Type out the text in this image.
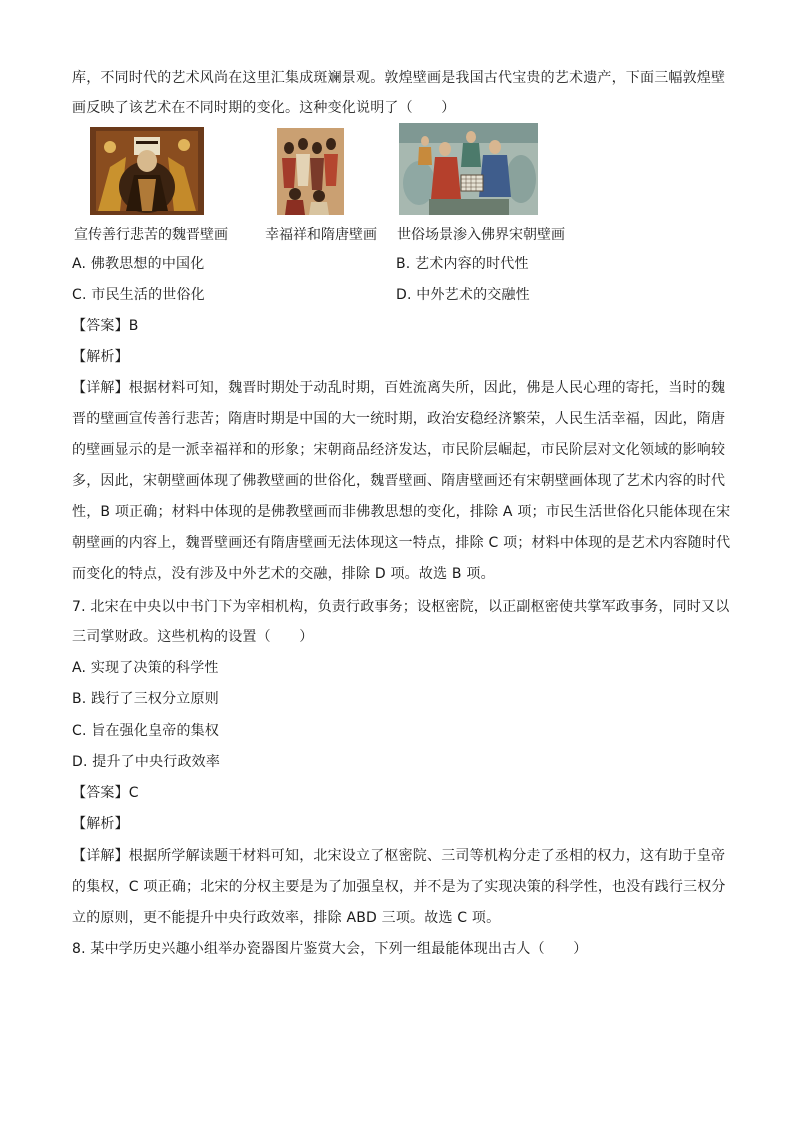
库，不同时代的艺术风尚在这里汇集成斑斓景观。敦煌壁画是我国古代宝贵的艺术遗产，下面三幅敦煌壁
画反映了该艺术在不同时期的变化。这种变化说明了（　　）
宣传善行悲苦的魏晋壁画	幸福祥和隋唐壁画 世俗场景渗入佛界宋朝壁画
A. 佛教思想的中国化	B. 艺术内容的时代性
C. 市民生活的世俗化	D. 中外艺术的交融性
【答案】B
【解析】
【详解】根据材料可知，魏晋时期处于动乱时期，百姓流离失所，因此，佛是人民心理的寄托，当时的魏
晋的壁画宣传善行悲苦；隋唐时期是中国的大一统时期，政治安稳经济繁荣，人民生活幸福，因此，隋唐
的壁画显示的是一派幸福祥和的形象；宋朝商品经济发达，市民阶层崛起，市民阶层对文化领域的影响较
多，因此，宋朝壁画体现了佛教壁画的世俗化，魏晋壁画、隋唐壁画还有宋朝壁画体现了艺术内容的时代
性，B 项正确；材料中体现的是佛教壁画而非佛教思想的变化，排除 A 项；市民生活世俗化只能体现在宋
朝壁画的内容上，魏晋壁画还有隋唐壁画无法体现这一特点，排除 C 项；材料中体现的是艺术内容随时代
而变化的特点，没有涉及中外艺术的交融，排除 D 项。故选 B 项。
7. 北宋在中央以中书门下为宰相机构，负责行政事务；设枢密院，以正副枢密使共掌军政事务，同时又以
三司掌财政。这些机构的设置（　　）
A. 实现了决策的科学性
B. 践行了三权分立原则
C. 旨在强化皇帝的集权
D. 提升了中央行政效率
【答案】C
【解析】
【详解】根据所学解读题干材料可知，北宋设立了枢密院、三司等机构分走了丞相的权力，这有助于皇帝
的集权，C 项正确；北宋的分权主要是为了加强皇权，并不是为了实现决策的科学性，也没有践行三权分
立的原则，更不能提升中央行政效率，排除 ABD 三项。故选 C 项。
8. 某中学历史兴趣小组举办瓷器图片鉴赏大会，下列一组最能体现出古人（　　）
